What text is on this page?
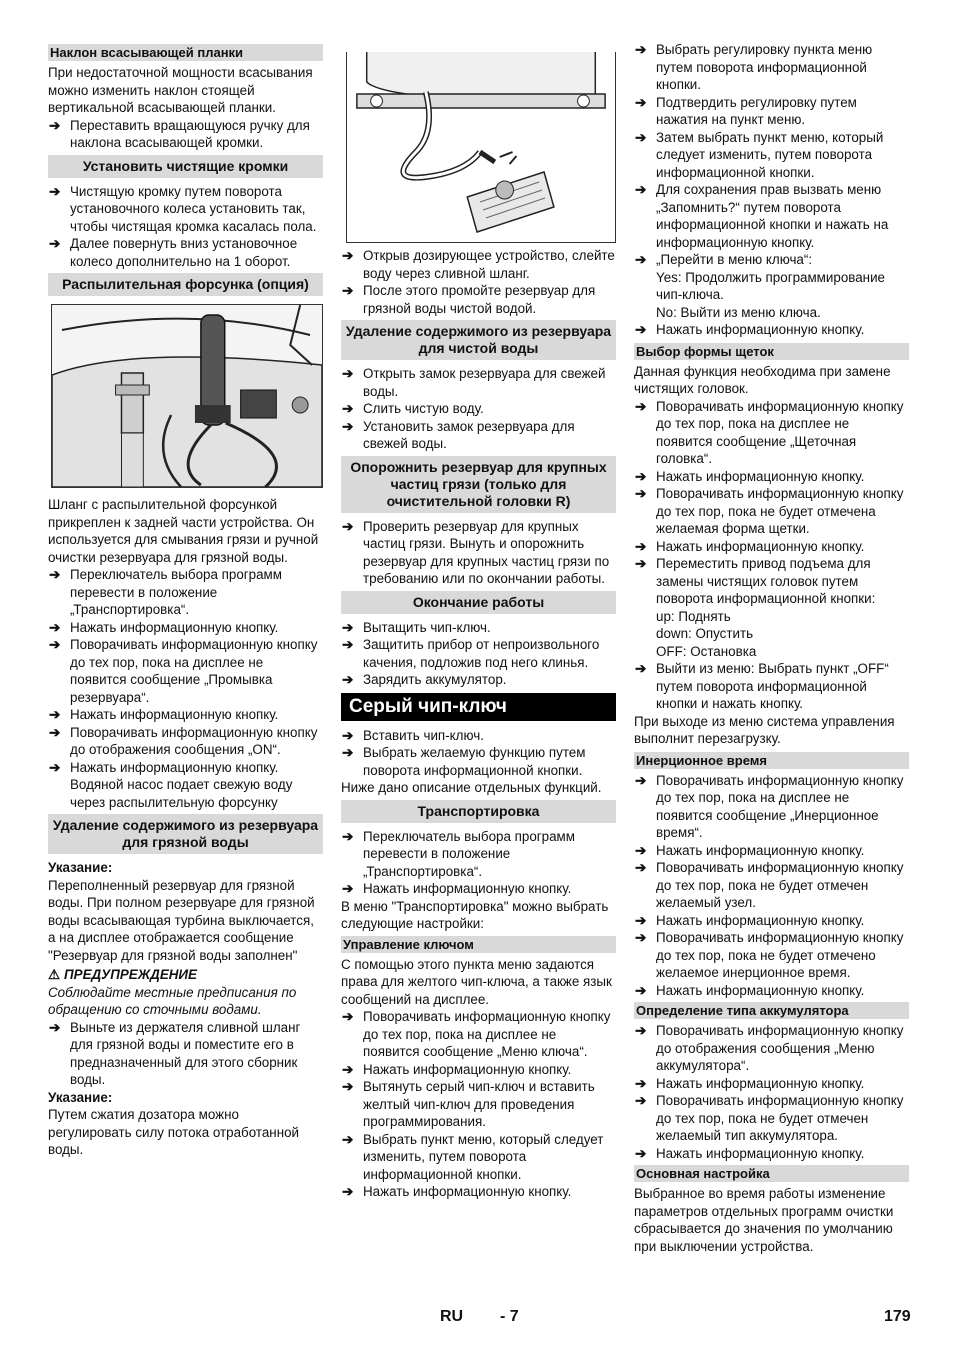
Наклон всасывающей планки

При недостаточной мощности всасывания можно изменить наклон стоящей вертикальной всасывающей планки.

➔ Переставить вращающуюся ручку для наклона всасывающей кромки.
Установить чистящие кромки
➔ Чистящую кромку путем поворота установочного колеса установить так, чтобы чистящая кромка касалась пола.
➔ Далее повернуть вниз установочное колесо дополнительно на 1 оборот.
Распылительная форсунка (опция)

Шланг с распылительной форсункой прикреплен к задней части устройства. Он используется для смывания грязи и ручной очистки резервуара для грязной воды.

➔ Переключатель выбора программ перевести в положение „Транспортировка“.
➔ Нажать информационную кнопку.
➔ Поворачивать информационную кнопку до тех пор, пока на дисплее не появится сообщение „Промывка резервуара“.
➔ Нажать информационную кнопку.
➔ Поворачивать информационную кнопку до отображения сообщения „ON“.
➔ Нажать информационную кнопку.
Водяной насос подает свежую воду через распылительную форсунку
Удаление содержимого из резервуара для грязной воды
Указание:

Переполненный резервуар для грязной воды. При полном резервуаре для грязной воды всасывающая турбина выключается, а на дисплее отображается сообщение "Резервуар для грязной воды заполнен"

⚠ ПРЕДУПРЕЖДЕНИЕ

Соблюдайте местные предписания по обращению со сточными водами.

➔ Выньте из держателя сливной шланг для грязной воды и поместите его в предназначенный для этого сборник воды.
Указание:

Путем сжатия дозатора можно регулировать силу потока отработанной воды.

➔ Открыв дозирующее устройство, слейте воду через сливной шланг.
➔ После этого промойте резервуар для грязной воды чистой водой.
Удаление содержимого из резервуара для чистой воды
➔ Открыть замок резервуара для свежей воды.
➔ Слить чистую воду.
➔ Установить замок резервуара для свежей воды.
Опорожнить резервуар для крупных частиц грязи (только для очистительной головки R)
➔ Проверить резервуар для крупных частиц грязи. Вынуть и опорожнить резервуар для крупных частиц грязи по требованию или по окончании работы.
Окончание работы
➔ Вытащить чип-ключ.
➔ Защитить прибор от непроизвольного качения, подложив под него клинья.
➔ Зарядить аккумулятор.
Серый чип-ключ
➔ Вставить чип-ключ.
➔ Выбрать желаемую функцию путем поворота информационной кнопки.

Ниже дано описание отдельных функций.

Транспортировка
➔ Переключатель выбора программ перевести в положение „Транспортировка“.
➔ Нажать информационную кнопку.

В меню "Транспортировка" можно выбрать следующие настройки:

Управление ключом

С помощью этого пункта меню задаются права для желтого чип-ключа, а также язык сообщений на дисплее.

➔ Поворачивать информационную кнопку до тех пор, пока на дисплее не появится сообщение „Меню ключа“.
➔ Нажать информационную кнопку.
➔ Вытянуть серый чип-ключ и вставить желтый чип-ключ для проведения программирования.
➔ Выбрать пункт меню, который следует изменить, путем поворота информационной кнопки.
➔ Нажать информационную кнопку.
➔ Выбрать регулировку пункта меню путем поворота информационной кнопки.
➔ Подтвердить регулировку путем нажатия на пункт меню.
➔ Затем выбрать пункт меню, который следует изменить, путем поворота информационной кнопки.
➔ Для сохранения прав вызвать меню „Запомнить?“ путем поворота информационной кнопки и нажать на информационную кнопку.
➔ „Перейти в меню ключа“:
Yes: Продолжить программирование чип-ключа.
No: Выйти из меню ключа.
➔ Нажать информационную кнопку.
Выбор формы щеток

Данная функция необходима при замене чистящих головок.

➔ Поворачивать информационную кнопку до тех пор, пока на дисплее не появится сообщение „Щеточная головка“.
➔ Нажать информационную кнопку.
➔ Поворачивать информационную кнопку до тех пор, пока не будет отмечена желаемая форма щетки.
➔ Нажать информационную кнопку.
➔ Переместить привод подъема для замены чистящих головок путем поворота информационной кнопки:
up: Поднять
down: Опустить
OFF: Остановка
➔ Выйти из меню: Выбрать пункт „OFF“ путем поворота информационной кнопки и нажать кнопку.

При выходе из меню система управления выполнит перезагрузку.

Инерционное время
➔ Поворачивать информационную кнопку до тех пор, пока на дисплее не появится сообщение „Инерционное время“.
➔ Нажать информационную кнопку.
➔ Поворачивать информационную кнопку до тех пор, пока не будет отмечен желаемый узел.
➔ Нажать информационную кнопку.
➔ Поворачивать информационную кнопку до тех пор, пока не будет отмечено желаемое инерционное время.
➔ Нажать информационную кнопку.
Определение типа аккумулятора
➔ Поворачивать информационную кнопку до отображения сообщения „Меню аккумулятора“.
➔ Нажать информационную кнопку.
➔ Поворачивать информационную кнопку до тех пор, пока не будет отмечен желаемый тип аккумулятора.
➔ Нажать информационную кнопку.
Основная настройка

Выбранное во время работы изменение параметров отдельных программ очистки сбрасывается до значения по умолчанию при выключении устройства.

RU - 7	179
